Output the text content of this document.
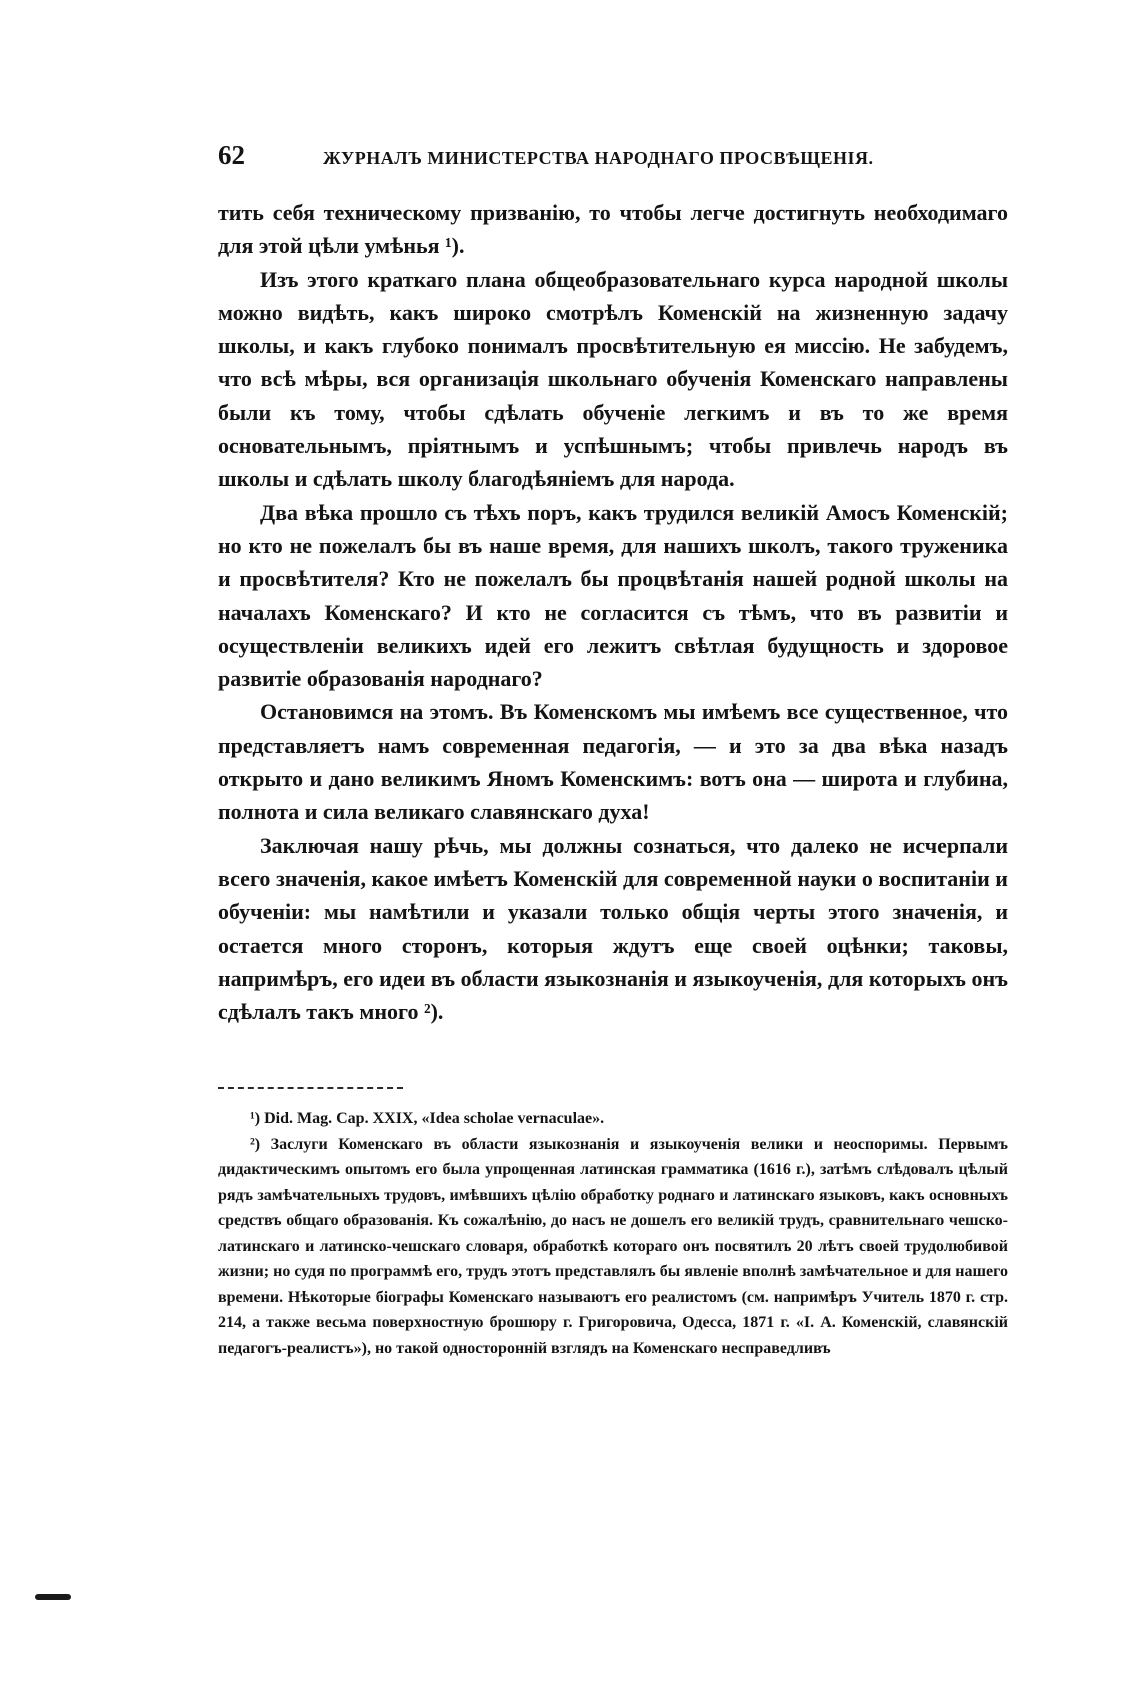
62	ЖУРНАЛЪ МИНИСТЕРСТВА НАРОДНАГО ПРОСВѢЩЕНІЯ.

тить себя техническому призванію, то чтобы легче достигнуть необходимаго для этой цѣли умѣнья ¹).

Изъ этого краткаго плана общеобразовательнаго курса народной школы можно видѣть, какъ широко смотрѣлъ Коменскій на жизненную задачу школы, и какъ глубоко понималъ просвѣтительную ея миссію. Не забудемъ, что всѣ мѣры, вся организація школьнаго обученія Коменскаго направлены были къ тому, чтобы сдѣлать обученіе легкимъ и въ то же время основательнымъ, пріятнымъ и успѣшнымъ; чтобы привлечь народъ въ школы и сдѣлать школу благодѣяніемъ для народа.

Два вѣка прошло съ тѣхъ поръ, какъ трудился великій Амосъ Коменскій; но кто не пожелалъ бы въ наше время, для нашихъ школъ, такого труженика и просвѣтителя? Кто не пожелалъ бы процвѣтанія нашей родной школы на началахъ Коменскаго? И кто не согласится съ тѣмъ, что въ развитіи и осуществленіи великихъ идей его лежитъ свѣтлая будущность и здоровое развитіе образованія народнаго?

Остановимся на этомъ. Въ Коменскомъ мы имѣемъ все существенное, что представляетъ намъ современная педагогія, — и это за два вѣка назадъ открыто и дано великимъ Яномъ Коменскимъ: вотъ она — широта и глубина, полнота и сила великаго славянскаго духа!

Заключая нашу рѣчь, мы должны сознаться, что далеко не исчерпали всего значенія, какое имѣетъ Коменскій для современной науки о воспитаніи и обученіи: мы намѣтили и указали только общія черты этого значенія, и остается много сторонъ, которыя ждутъ еще своей оцѣнки; таковы, напримѣръ, его идеи въ области языкознанія и языкоученія, для которыхъ онъ сдѣлалъ такъ много ²).

¹) Did. Mag. Cap. XXIX, «Idea scholae vernaculae».

²) Заслуги Коменскаго въ области языкознанія и языкоученія велики и неоспоримы. Первымъ дидактическимъ опытомъ его была упрощенная латинская грамматика (1616 г.), затѣмъ слѣдовалъ цѣлый рядъ замѣчательныхъ трудовъ, имѣвшихъ цѣлію обработку роднаго и латинскаго языковъ, какъ основныхъ средствъ общаго образованія. Къ сожалѣнію, до насъ не дошелъ его великій трудъ, сравнительнаго чешско-латинскаго и латинско-чешскаго словаря, обработкѣ котораго онъ посвятилъ 20 лѣтъ своей трудолюбивой жизни; но судя по программѣ его, трудъ этотъ представлялъ бы явленіе вполнѣ замѣчательное и для нашего времени. Нѣкоторые біографы Коменскаго называютъ его реалистомъ (см. напримѣръ Учитель 1870 г. стр. 214, а также весьма поверхностную брошюру г. Григоровича, Одесса, 1871 г. «І. А. Коменскій, славянскій педагогъ-реалистъ»), но такой односторонній взглядъ на Коменскаго несправедливъ
